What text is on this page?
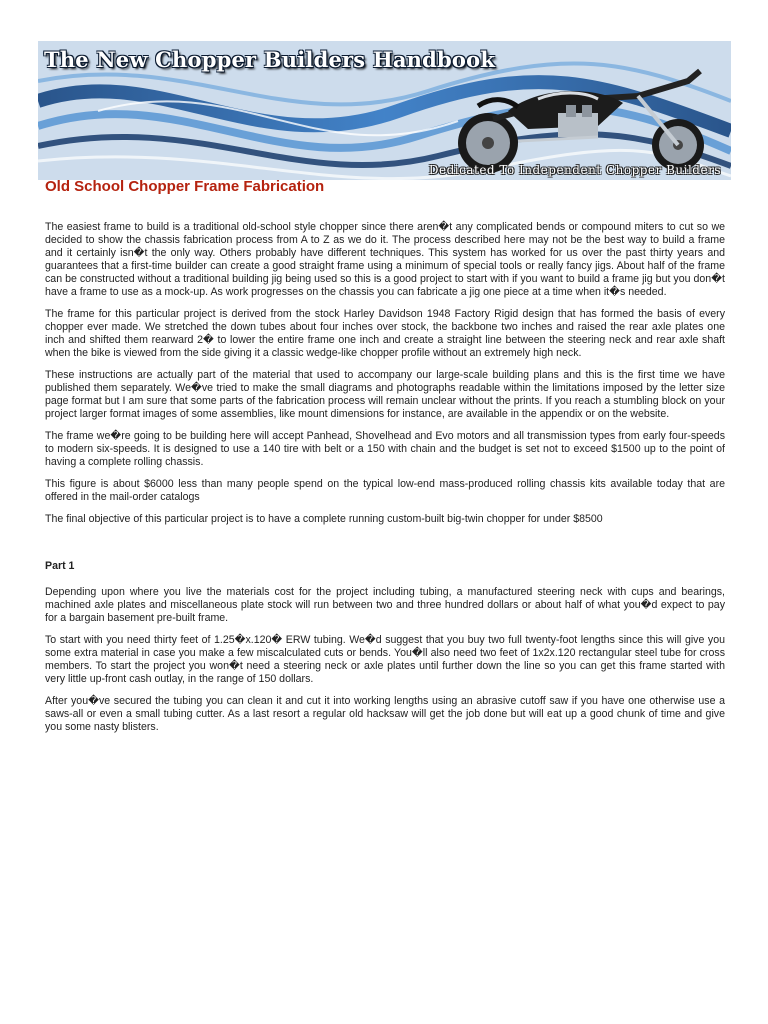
The New Chopper Builders Handbook
Dedicated To Independent Chopper Builders
Old School Chopper Frame Fabrication

The easiest frame to build is a traditional old-school style chopper since there aren�t any complicated bends or compound miters to cut so we decided to show the chassis fabrication process from A to Z as we do it. The process described here may not be the best way to build a frame and it certainly isn�t the only way. Others probably have different techniques. This system has worked for us over the past thirty years and guarantees that a first-time builder can create a good straight frame using a minimum of special tools or really fancy jigs. About half of the frame can be constructed without a traditional building jig being used so this is a good project to start with if you want to build a frame jig but you don�t have a frame to use as a mock-up. As work progresses on the chassis you can fabricate a jig one piece at a time when it�s needed.

The frame for this particular project is derived from the stock Harley Davidson 1948 Factory Rigid design that has formed the basis of every chopper ever made. We stretched the down tubes about four inches over stock, the backbone two inches and raised the rear axle plates one inch and shifted them rearward 2� to lower the entire frame one inch and create a straight line between the steering neck and rear axle shaft when the bike is viewed from the side giving it a classic wedge-like chopper profile without an extremely high neck.

These instructions are actually part of the material that used to accompany our large-scale building plans and this is the first time we have published them separately. We�ve tried to make the small diagrams and photographs readable within the limitations imposed by the letter size page format but I am sure that some parts of the fabrication process will remain unclear without the prints. If you reach a stumbling block on your project larger format images of some assemblies, like mount dimensions for instance, are available in the appendix or on the website.

The frame we�re going to be building here will accept Panhead, Shovelhead and Evo motors and all transmission types from early four-speeds to modern six-speeds. It is designed to use a 140 tire with belt or a 150 with chain and the budget is set not to exceed $1500 up to the point of having a complete rolling chassis.

This figure is about $6000 less than many people spend on the typical low-end mass-produced rolling chassis kits available today that are offered in the mail-order catalogs

The final objective of this particular project is to have a complete running custom-built big-twin chopper for under $8500

Part 1

Depending upon where you live the materials cost for the project including tubing, a manufactured steering neck with cups and bearings, machined axle plates and miscellaneous plate stock will run between two and three hundred dollars or about half of what you�d expect to pay for a bargain basement pre-built frame.

To start with you need thirty feet of 1.25�x.120� ERW tubing. We�d suggest that you buy two full twenty-foot lengths since this will give you some extra material in case you make a few miscalculated cuts or bends. You�ll also need two feet of 1x2x.120 rectangular steel tube for cross members. To start the project you won�t need a steering neck or axle plates until further down the line so you can get this frame started with very little up-front cash outlay, in the range of 150 dollars.

After you�ve secured the tubing you can clean it and cut it into working lengths using an abrasive cutoff saw if you have one otherwise use a saws-all or even a small tubing cutter. As a last resort a regular old hacksaw will get the job done but will eat up a good chunk of time and give you some nasty blisters.
